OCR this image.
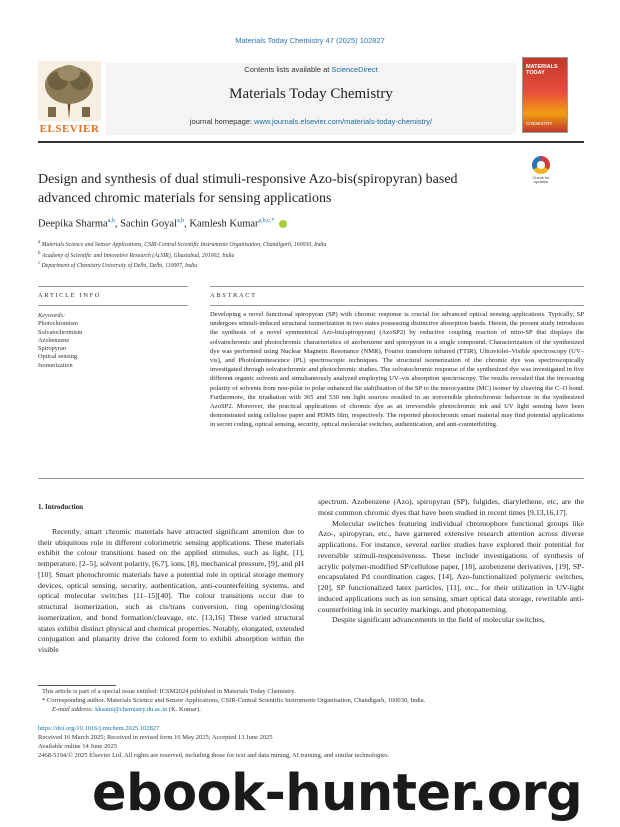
Materials Today Chemistry 47 (2025) 102827
ELSEVIER
Contents lists available at ScienceDirect
Materials Today Chemistry
journal homepage: www.journals.elsevier.com/materials-today-chemistry/
MATERIALS TODAY
CHEMISTRY
Design and synthesis of dual stimuli-responsive Azo-bis(spiropyran) based advanced chromic materials for sensing applications
Check for updates
Deepika Sharma$^{a,b}$, Sachin Goyal$^{a,b}$, Kamlesh Kumar$^{a,b,c,*}$
$^a$ Materials Science and Sensor Applications, CSIR-Central Scientific Instruments Organisation, Chandigarh, 160030, India
$^b$ Academy of Scientific and Innovative Research (AcSIR), Ghaziabad, 201002, India
$^c$ Department of Chemistry University of Delhi, Delhi, 110007, India
ARTICLE INFO
Keywords:
Photochromism
Solvatochromism
Azobenzene
Spiropyran
Optical sensing
Isomerization
ABSTRACT
Developing a novel functional spiropyran (SP) with chromic response is crucial for advanced optical sensing applications. Typically, SP undergoes stimuli-induced structural isomerization in two states possessing distinctive absorption bands. Herein, the present study introduces the synthesis of a novel symmetrical Azo-bis(spiropyran) (AzoSP2) by reductive coupling reaction of nitro-SP that displays the solvatochromic and photochromic characteristics of azobenzene and spiropyran in a single compound. Characterization of the synthesized dye was performed using Nuclear Magnetic Resonance (NMR), Fourier transform infrared (FTIR), Ultraviolet–Visible spectroscopy (UV–vis), and Photoluminescence (PL) spectroscopic techniques. The structural isomerization of the chromic dye was spectroscopically investigated through solvatochromic and photochromic studies. The solvatochromic response of the synthesized dye was investigated in five different organic solvents and simultaneously analyzed employing UV–vis absorption spectroscopy. The results revealed that the increasing polarity of solvents from non-polar to polar enhanced the stabilization of the SP to the merocyanine (MC) isomer by cleaving the C–O bond. Furthermore, the irradiation with 365 and 530 nm light sources resulted in an irreversible photochromic behaviour in the synthesized AzoSP2. Moreover, the practical applications of chromic dye as an irreversible photochromic ink and UV light sensing have been demonstrated using cellulose paper and PDMS film, respectively. The reported photochromic smart material may find potential applications in secret coding, optical sensing, security, optical molecular switches, authentication, and anti-counterfeiting.
1. Introduction

Recently, smart chromic materials have attracted significant attention due to their ubiquitous role in different colorimetric sensing applications. These materials exhibit the colour transitions based on the applied stimulus, such as light, [1], temperature, [2–5], solvent polarity, [6,7], ions, [8], mechanical pressure, [9], and pH [10]. Smart photochromic materials have a potential role in optical storage memory devices, optical sensing, security, authentication, anti-counterfeiting systems, and optical molecular switches [11–15][40]. The colour transitions occur due to structural isomerization, such as cis/trans conversion, ring opening/closing isomerization, and bond formation/cleavage, etc. [13,16] These varied structural states exhibit distinct physical and chemical properties. Notably, elongated, extended conjugation and planarity drive the colored form to exhibit absorption within the visible

spectrum. Azobenzene (Azo), spiropyran (SP), fulgides, diarylethene, etc, are the most common chromic dyes that have been studied in recent times [9,13,16,17].

Molecular switches featuring individual chromophore functional groups like Azo-, spiropyran, etc., have garnered extensive research attention across diverse applications. For instance, several earlier studies have explored their potential for reversible stimuli-responsiveness. These include investigations of synthesis of acrylic polymer-modified SP/cellulose paper, [18], azobenzene derivatives, [19], SP-encapsulated Pd coordination cages, [14], Azo-functionalized polymeric switches, [20], SP functionalized latex particles, [11], etc., for their utilization in UV-light induced applications such as ion sensing, smart optical data storage, rewritable anti-counterfeiting ink in security markings, and photopatterning.

Despite significant advancements in the field of molecular switches,

This article is part of a special issue entitled: ICSM2024 published in Materials Today Chemistry.
* Corresponding author. Materials Science and Sensor Applications, CSIR-Central Scientific Instruments Organisation, Chandigarh, 160030, India.
E-mail address: kksaini@chemistry.du.ac.in (K. Kumar).
https://doi.org/10.1016/j.mtchem.2025.102827
Received 16 March 2025; Received in revised form 16 May 2025; Accepted 13 June 2025
Available online 14 June 2025
2468-5194/© 2025 Elsevier Ltd. All rights are reserved, including those for text and data mining, AI training, and similar technologies.
ebook-hunter.org
